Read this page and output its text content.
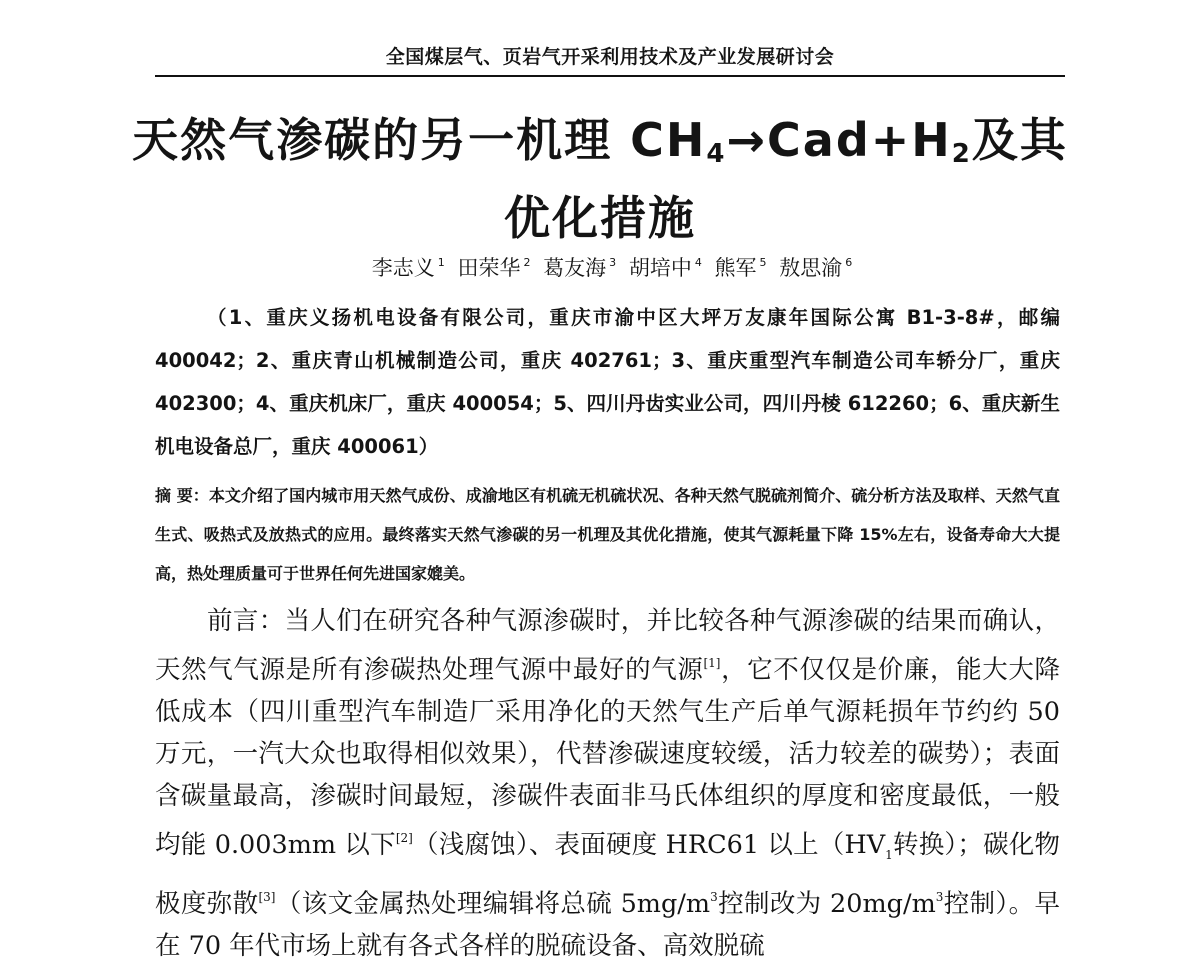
全国煤层气、页岩气开采利用技术及产业发展研讨会
天然气渗碳的另一机理 $CH_4\to Cad+H_2$及其
优化措施
李志义 $^1$ 田荣华 $^2$ 葛友海 $^3$ 胡培中 $^4$ 熊军 $^5$ 敖思渝 $^6$
（1、重庆义扬机电设备有限公司，重庆市渝中区大坪万友康年国际公寓 B1-3-8#，邮编 400042；2、重庆青山机械制造公司，重庆 402761；3、重庆重型汽车制造公司车轿分厂，重庆 402300；4、重庆机床厂，重庆 400054；5、四川丹齿实业公司，四川丹棱 612260；6、重庆新生机电设备总厂，重庆 400061）
摘 要：本文介绍了国内城市用天然气成份、成渝地区有机硫无机硫状况、各种天然气脱硫剂简介、硫分析方法及取样、天然气直生式、吸热式及放热式的应用。最终落实天然气渗碳的另一机理及其优化措施，使其气源耗量下降 15%左右，设备寿命大大提高，热处理质量可于世界任何先进国家媲美。
前言：当人们在研究各种气源渗碳时，并比较各种气源渗碳的结果而确认，天然气气源是所有渗碳热处理气源中最好的气源[1]，它不仅仅是价廉，能大大降低成本（四川重型汽车制造厂采用净化的天然气生产后单气源耗损年节约约 50 万元，一汽大众也取得相似效果），代替渗碳速度较缓，活力较差的碳势）；表面含碳量最高，渗碳时间最短，渗碳件表面非马氏体组织的厚度和密度最低，一般均能 0.003mm 以下[2]（浅腐蚀）、表面硬度 HRC61 以上（$HV_1$转换）；碳化物极度弥散[3]（该文金属热处理编辑将总硫 $5mg/m^3$控制改为 $20mg/m^3$控制）。早在 70 年代市场上就有各式各样的脱硫设备、高效脱硫
